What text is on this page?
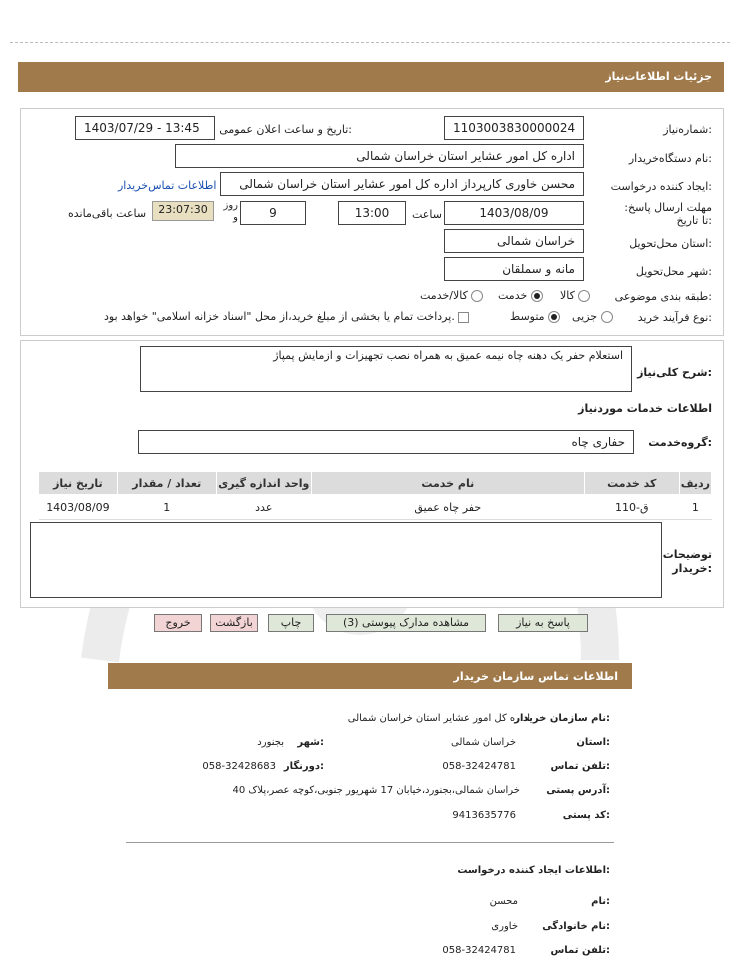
جزئیات اطلاعات‌نیاز
شماره‌نیاز:
1103003830000024
تاریخ و ساعت اعلان عمومی:
1403/07/29 - 13:45
نام دستگاه‌خریدار:
اداره کل امور عشایر استان خراسان شمالی
ایجاد کننده درخواست:
محسن خاوری کارپرداز اداره کل امور عشایر استان خراسان شمالی
اطلاعات تماس‌خریدار
مهلت ارسال پاسخ: تا تاریخ:
1403/08/09
ساعت
13:00
9
روز و
23:07:30
ساعت باقی‌مانده
استان محل‌تحویل:
خراسان شمالی
شهر محل‌تحویل:
مانه و سملقان
طبقه بندی موضوعی:
کالا
خدمت
کالا/خدمت
نوع فرآیند خرید:
جزیی
متوسط
پرداخت تمام یا بخشی از مبلغ خرید،از محل "اسناد خزانه اسلامی" خواهد بود.
شرح کلی‌نیاز:
استعلام حفر یک دهنه چاه نیمه عمیق به همراه نصب تجهیزات و ازمایش پمپاژ
اطلاعات خدمات موردنیاز
گروه‌خدمت:
حفاری چاه
ردیف	کد خدمت	نام خدمت	واحد اندازه گیری	تعداد / مقدار	تاریخ نیاز
1	ق-110	حفر چاه عمیق	عدد	1	1403/08/09
توضیحات خریدار:
پاسخ به نیاز
مشاهده مدارک پیوستی (3)
چاپ
بازگشت
خروج
اطلاعات تماس سازمان خریدار
نام سازمان خریدار:
اداره کل امور عشایر استان خراسان شمالی
استان:
خراسان شمالی
شهر:
بجنورد
تلفن تماس:
058-32424781
دورنگار:
058-32428683
آدرس پستی:
خراسان شمالی،بجنورد،خیابان 17 شهریور جنوبی،کوچه عصر،پلاک 40
کد پستی:
9413635776
اطلاعات ایجاد کننده درخواست:
نام:
محسن
نام خانوادگی:
خاوری
تلفن تماس:
058-32424781
